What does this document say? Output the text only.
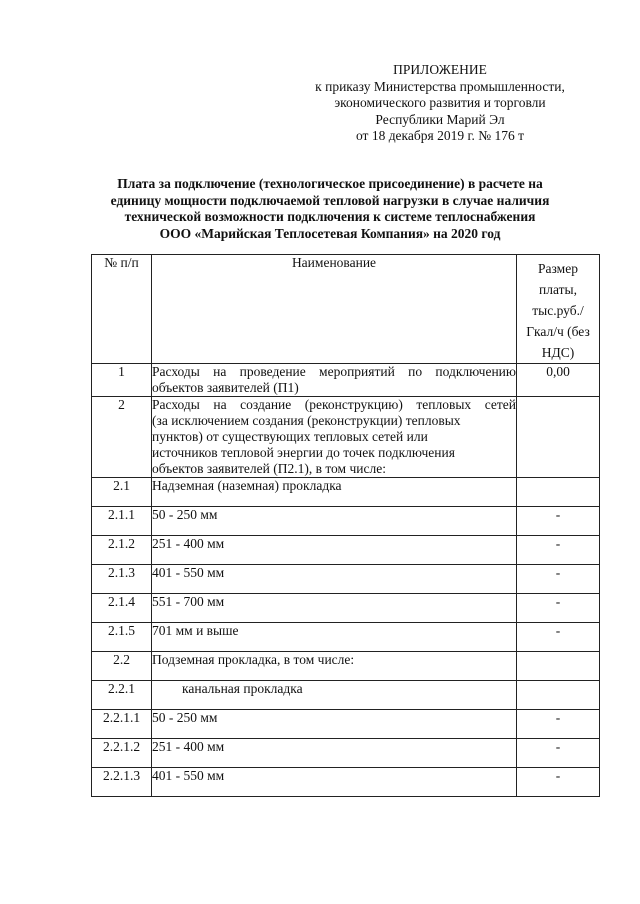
ПРИЛОЖЕНИЕ
к приказу Министерства промышленности,
экономического развития и торговли
Республики Марий Эл
от 18 декабря 2019 г. № 176 т
Плата за подключение (технологическое присоединение) в расчете на
единицу мощности подключаемой тепловой нагрузки в случае наличия
технической возможности подключения к системе теплоснабжения
ООО «Марийская Теплосетевая Компания» на 2020 год
№ п/п	Наименование	Размер
платы,
тыс.руб./
Гкал/ч (без
НДС)

1	Расходы на проведение мероприятий по подключению
объектов заявителей (П1)	0,00
2	Расходы на создание (реконструкцию) тепловых сетей
(за исключением создания (реконструкции) тепловых
пунктов) от существующих тепловых сетей или
источников тепловой энергии до точек подключения
объектов заявителей (П2.1), в том числе:	

2.1	Надземная (наземная) прокладка	
2.1.1	50 - 250 мм	-
2.1.2	251 - 400 мм	-
2.1.3	401 - 550 мм	-
2.1.4	551 - 700 мм	-
2.1.5	701 мм и выше	-
2.2	Подземная прокладка, в том числе:	
2.2.1	канальная прокладка	
2.2.1.1	50 - 250 мм	-
2.2.1.2	251 - 400 мм	-
2.2.1.3	401 - 550 мм	-
